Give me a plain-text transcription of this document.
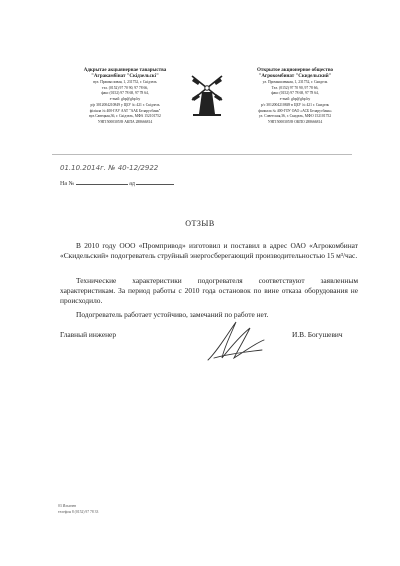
Адкрытае акцыянернае таварыства
"Агракамбінат "Скідзельскі"
вул. Прамысловая, 1, 231752, г. Скідзель
тэл. (0152) 97 70 90, 97 78 66,
факс (0152) 97 78 68, 97 78 64,
e-mail: ghp@ghp.by
р/р 3012004210849 у ЦБУ № 421 г. Скідзель
філіяла № 400-ГАУ ААТ "ААБ Беларусбанк"
вул.Савецкая,36, г. Скідзель, МФА 152101752
УНП 500030539 АКПА 288666814
Открытое акционерное общество
"Агрокомбинат "Скидельский"
ул. Промышленная, 1, 231752, г. Скидель
Тел. (0152) 97 70 90, 97 78 66,
факс (0152) 97 78 68, 97 78 64,
e-mail: ghp@ghp.by
р/с 3012004210849 в ЦБУ № 421 г. Скидель
филиала № 400-ГОУ ОАО «АСБ Беларусбанк»
ул. Советская,36, г. Скидель, МФО 152101752
УНП 500030539 ОКПО 288666814
01.10.2014г. № 40-12/2922
На №	ад
ОТЗЫВ
В 2010 году ООО «Промпривод» изготовил и поставил в адрес ОАО «Агрокомбинат «Скидельский» подогреватель струйный энергосберегающий производительностью 15 м³/час.
Технические характеристики подогревателя соответствуют заявленным характеристикам. За период работы с 2010 года остановок по вине отказа оборудования не происходило.
Подогреватель работает устойчиво, замечаний по работе нет.
Главный инженер	И.В. Богушевич
03 Ильичев
телефон 8 (0152) 97 78 33
